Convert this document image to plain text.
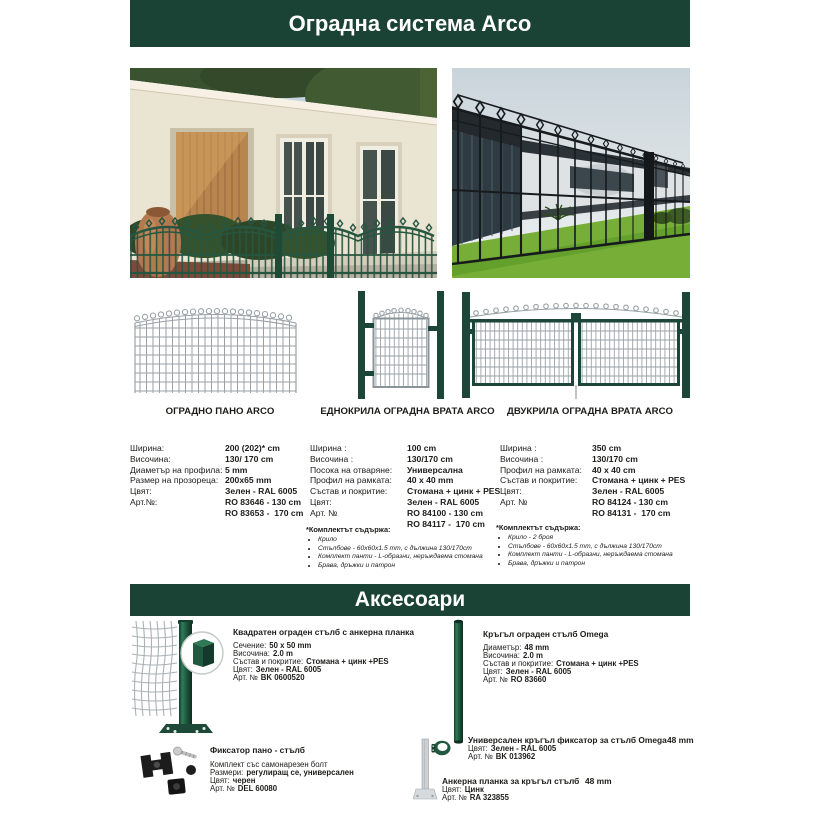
Оградна система Arco
ОГРАДНО ПАНО ARCO	ЕДНОКРИЛА ОГРАДНА ВРАТА ARCO	ДВУКРИЛА ОГРАДНА ВРАТА ARCO
Ширина:	200 (202)* cm
Височина:	130/ 170 cm
Диаметър на профила: 5 mm
Размер на прозореца: 200x65 mm
Цвят:	Зелен - RAL 6005
Арт.№:	RO 83646 - 130 cm
RO 83653 -  170 cm
Ширина :	100 cm
Височина :	130/170 cm
Посока на отваряне:	Универсална
Профил на рамката:	40 x 40 mm
Състав и покритие:	Стомана + цинк + PES
Цвят:	Зелен - RAL 6005
Арт. №	RO 84100 - 130 cm
RO 84117 -  170 cm
Ширина :	350 cm
Височина :	130/170 cm
Профил на рамката:	40 x 40 cm
Състав и покритие:	Стомана + цинк + PES
Цвят:	Зелен - RAL 6005
Арт. №	RO 84124 - 130 cm
RO 84131 -  170 cm
*Комплектът съдържа:
• Крило
• Стълбове - 60x60x1.5 mm, с дължина 130/170cm
• Комплект панти - L-образни, неръждаема стомана
• Брава, дръжки и патрон
*Комплектът съдържа:
• Крило - 2 броя
• Стълбове - 60x60x1.5 mm, с дължина 130/170cm
• Комплект панти - L-образни, неръждаема стомана
• Брава, дръжки и патрон
Аксесоари
Квадратен ограден стълб с анкерна планка
Сечение: 50 x 50 mm
Височина: 2.0 m
Състав и покритие: Стомана + цинк +PES
Цвят: Зелен - RAL 6005
Арт. № BK 0600520
Кръгъл ограден стълб Omega
Диаметър: 48 mm
Височина: 2.0 m
Състав и покритие: Стомана + цинк +PES
Цвят: Зелен - RAL 6005
Арт. № RO 83660
Фиксатор пано - стълб
Комплект със самонарезен болт
Размери: регулиращ се, универсален
Цвят: черен
Арт. № DEL 60080
Универсален кръгъл фиксатор за стълб Omega 48 mm
Цвят: Зелен - RAL 6005
Арт. № BK 013962
Анкерна планка за кръгъл стълб 48 mm
Цвят: Цинк
Арт. № RA 323855
